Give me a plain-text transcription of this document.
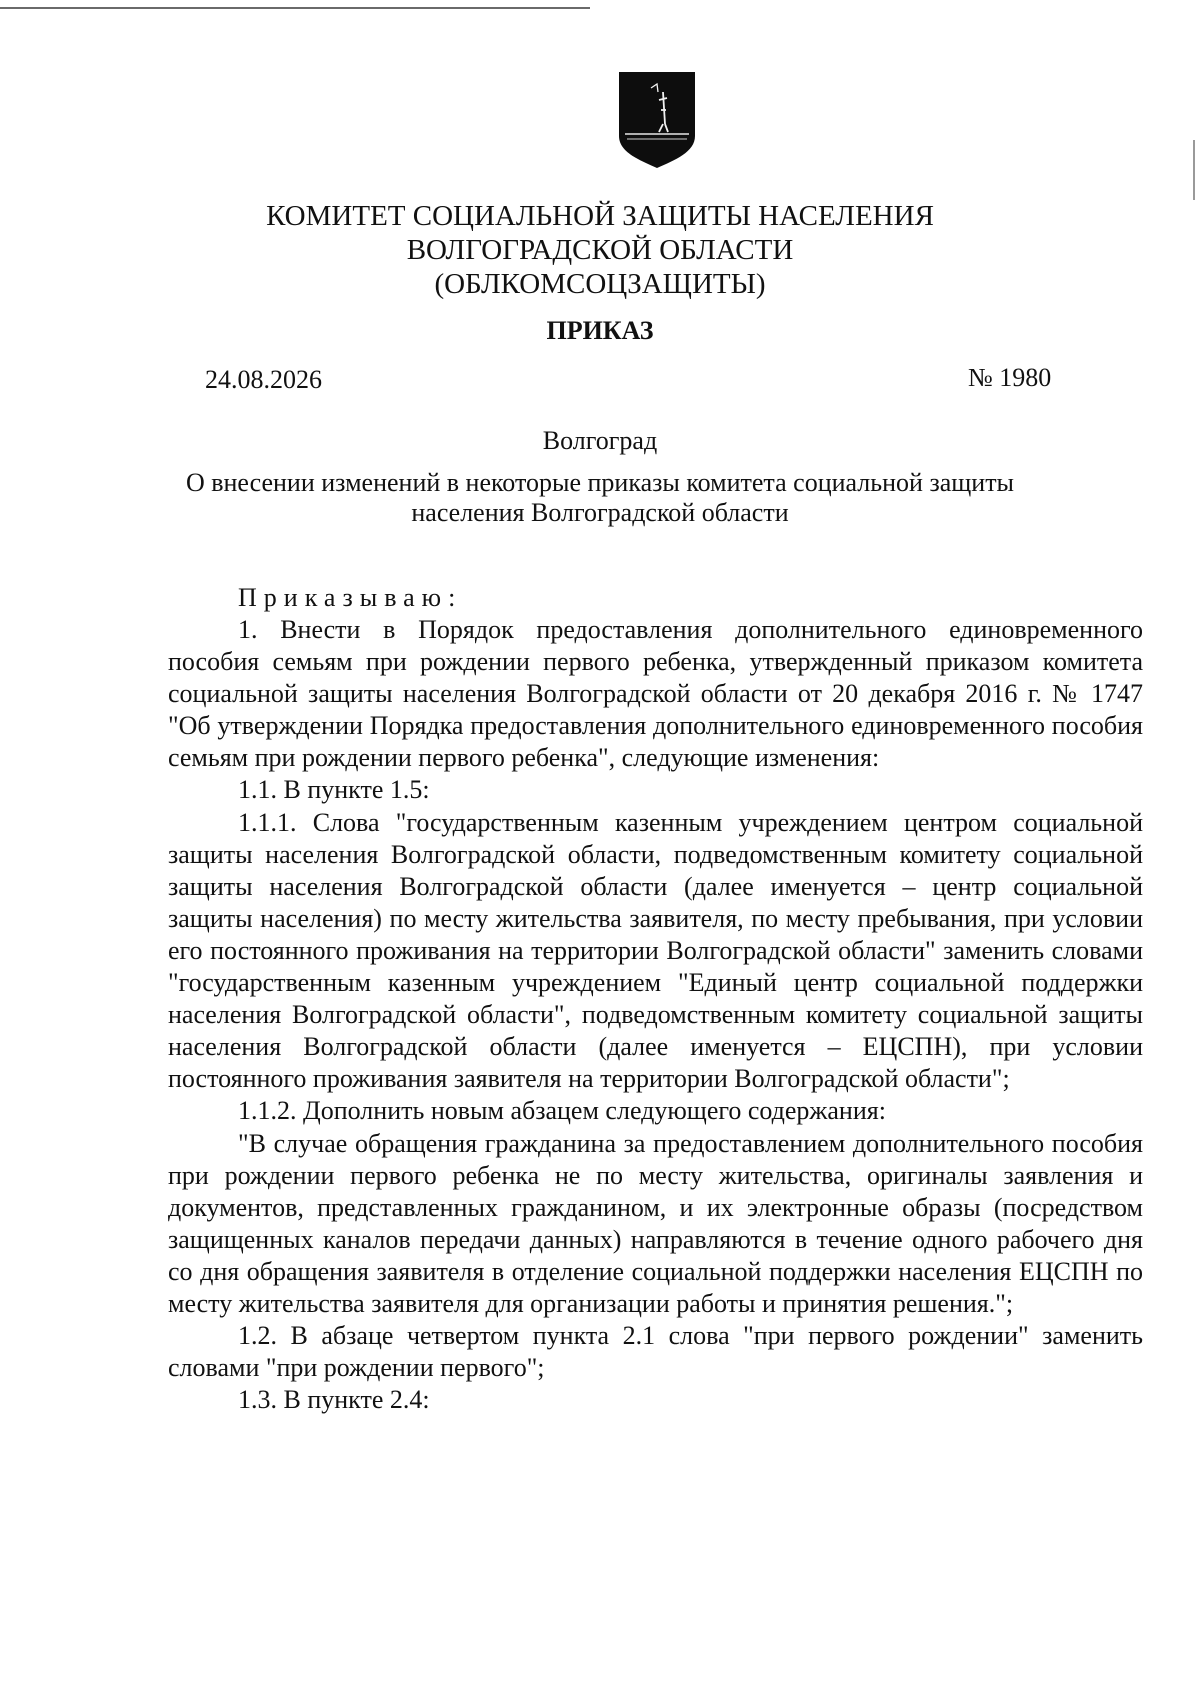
КОМИТЕТ СОЦИАЛЬНОЙ ЗАЩИТЫ НАСЕЛЕНИЯ
ВОЛГОГРАДСКОЙ ОБЛАСТИ
(ОБЛКОМСОЦЗАЩИТЫ)
ПРИКАЗ
24.08.2026	№ 1980
Волгоград
О внесении изменений в некоторые приказы комитета социальной защиты
населения Волгоградской области
Приказываю:

1. Внести в Порядок предоставления дополнительного единовременного пособия семьям при рождении первого ребенка, утвержденный приказом комитета социальной защиты населения Волгоградской области от 20 декабря 2016 г. № 1747 "Об утверждении Порядка предоставления дополнительного единовременного пособия семьям при рождении первого ребенка", следующие изменения:

1.1. В пункте 1.5:

1.1.1. Слова "государственным казенным учреждением центром социальной защиты населения Волгоградской области, подведомственным комитету социальной защиты населения Волгоградской области (далее именуется – центр социальной защиты населения) по месту жительства заявителя, по месту пребывания, при условии его постоянного проживания на территории Волгоградской области" заменить словами "государственным казенным учреждением "Единый центр социальной поддержки населения Волгоградской области", подведомственным комитету социальной защиты населения Волгоградской области (далее именуется – ЕЦСПН), при условии постоянного проживания заявителя на территории Волгоградской области";

1.1.2. Дополнить новым абзацем следующего содержания:

"В случае обращения гражданина за предоставлением дополнительного пособия при рождении первого ребенка не по месту жительства, оригиналы заявления и документов, представленных гражданином, и их электронные образы (посредством защищенных каналов передачи данных) направляются в течение одного рабочего дня со дня обращения заявителя в отделение социальной поддержки населения ЕЦСПН по месту жительства заявителя для организации работы и принятия решения.";

1.2. В абзаце четвертом пункта 2.1 слова "при первого рождении" заменить словами "при рождении первого";

1.3. В пункте 2.4:
